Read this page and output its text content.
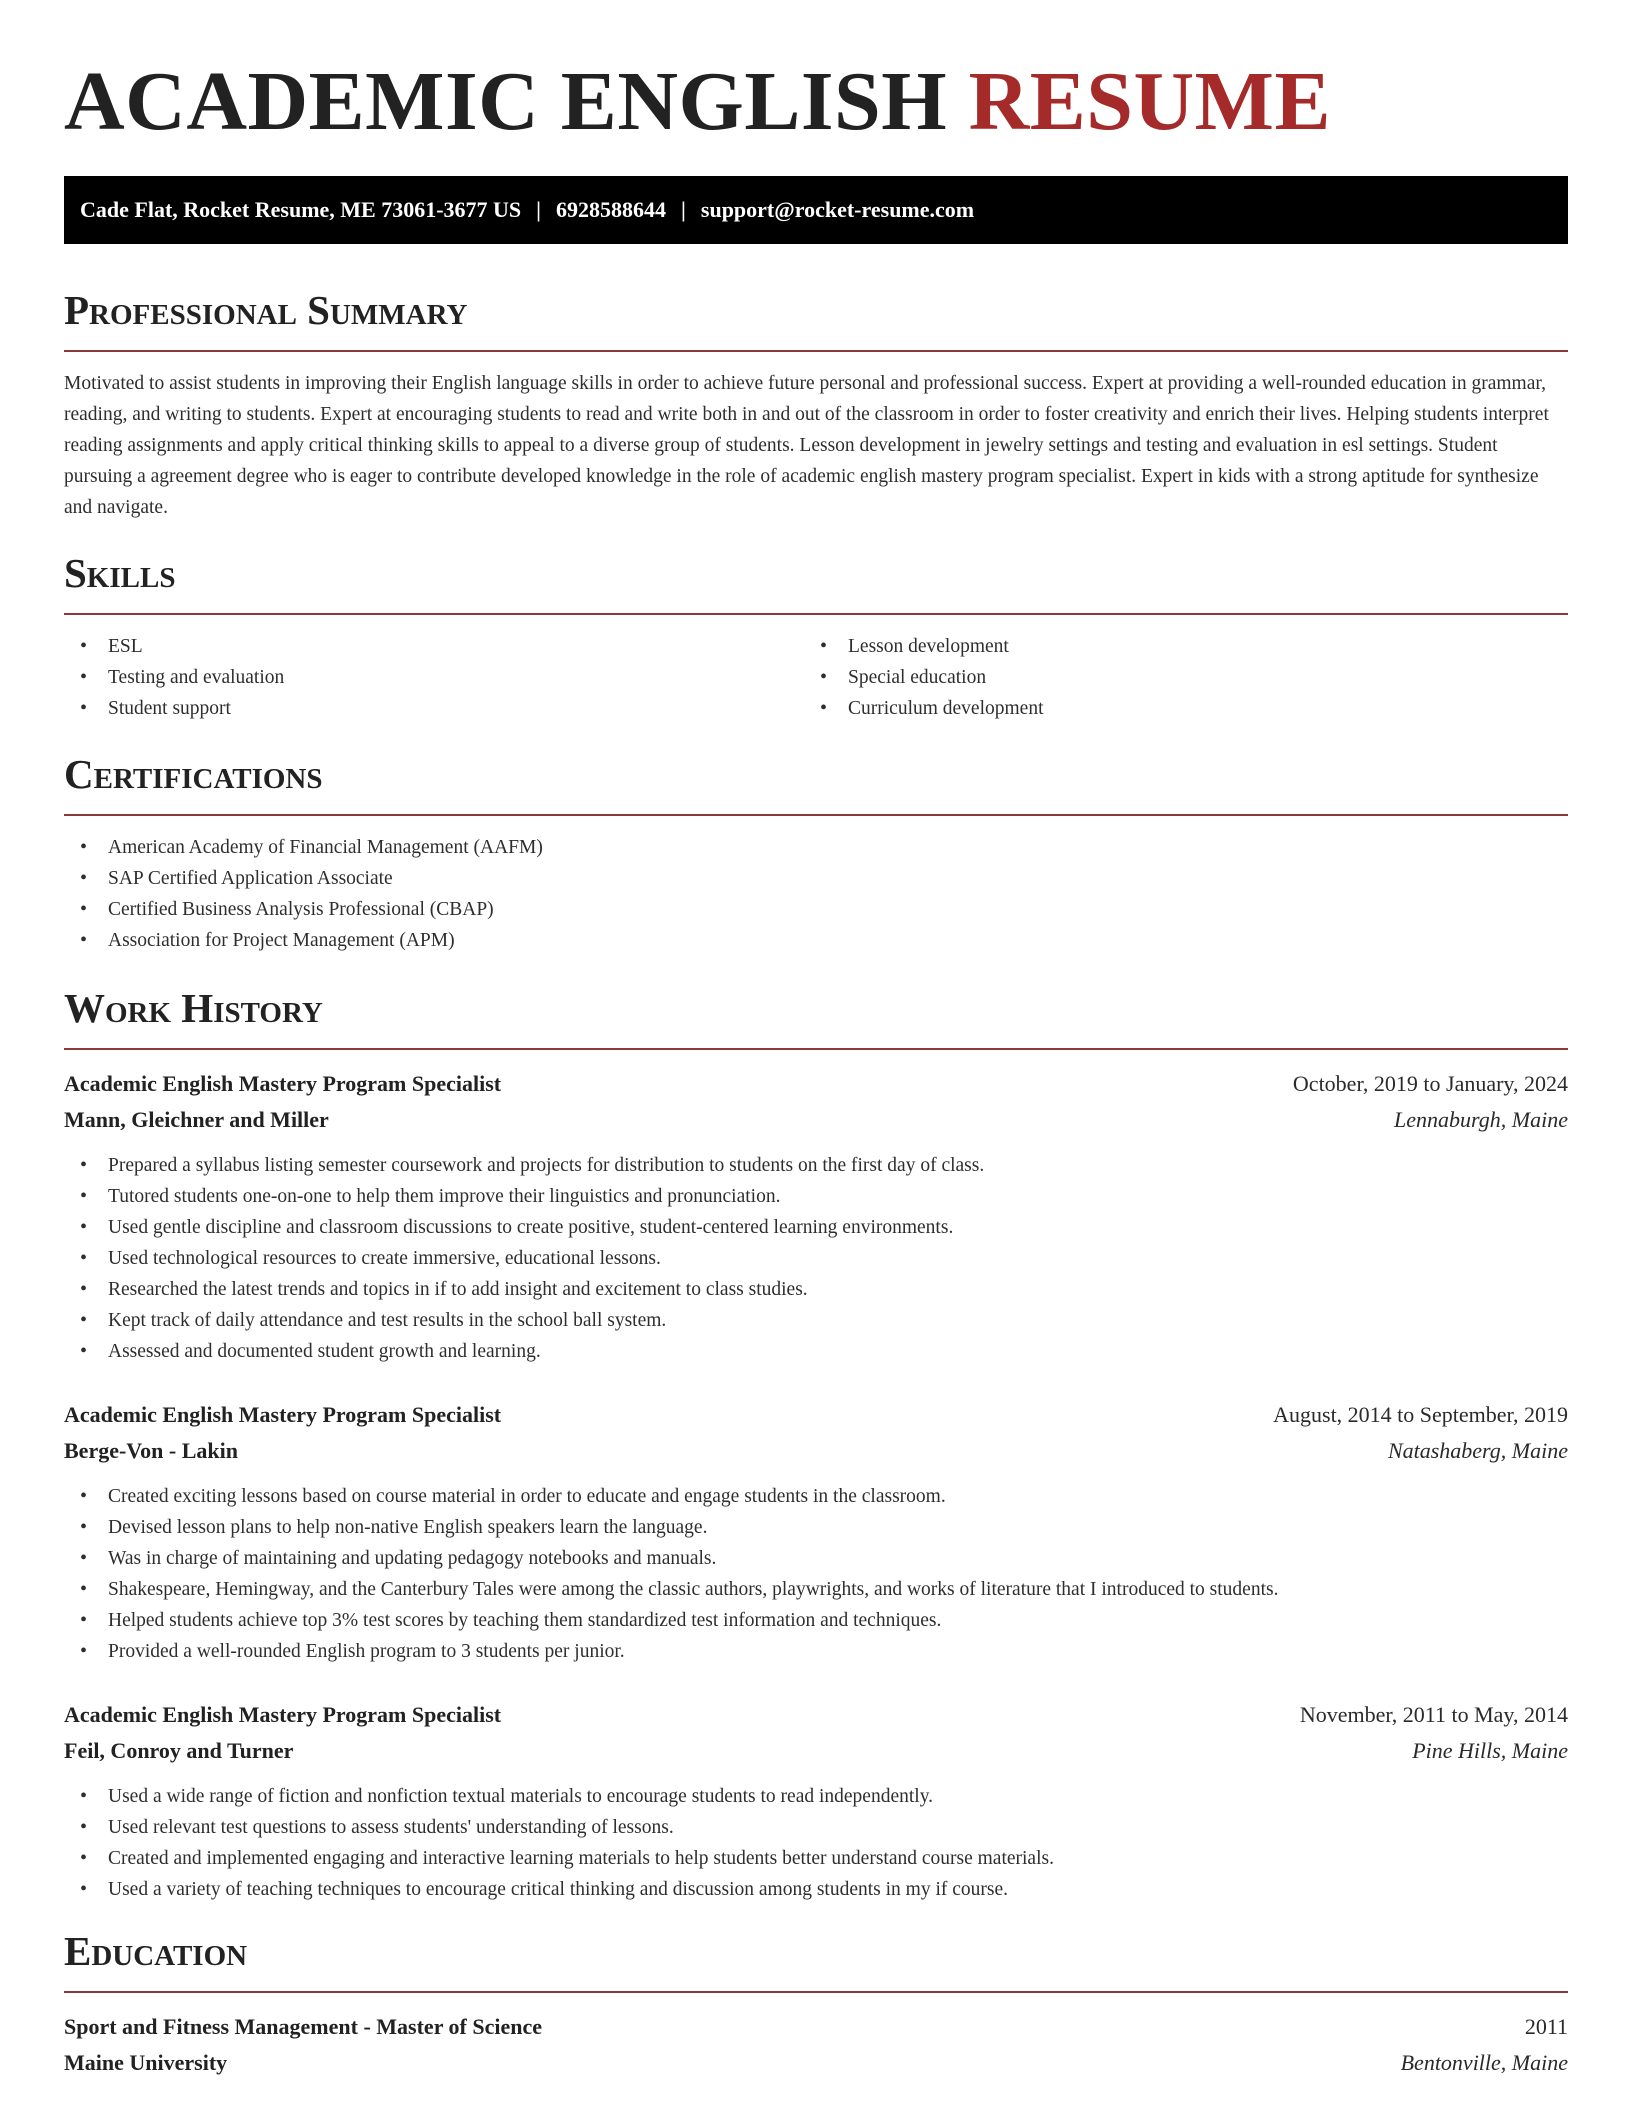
ACADEMIC ENGLISH RESUME
Cade Flat, Rocket Resume, ME 73061-3677 US | 6928588644 | support@rocket-resume.com
Professional Summary

Motivated to assist students in improving their English language skills in order to achieve future personal and professional success. Expert at providing a well-rounded education in grammar, reading, and writing to students. Expert at encouraging students to read and write both in and out of the classroom in order to foster creativity and enrich their lives. Helping students interpret reading assignments and apply critical thinking skills to appeal to a diverse group of students. Lesson development in jewelry settings and testing and evaluation in esl settings. Student pursuing a agreement degree who is eager to contribute developed knowledge in the role of academic english mastery program specialist. Expert in kids with a strong aptitude for synthesize and navigate.

Skills
• ESL
• Testing and evaluation
• Student support
• Lesson development
• Special education
• Curriculum development
Certifications
• American Academy of Financial Management (AAFM)
• SAP Certified Application Associate
• Certified Business Analysis Professional (CBAP)
• Association for Project Management (APM)
Work History
Academic English Mastery Program Specialist	October, 2019 to January, 2024
Mann, Gleichner and Miller	Lennaburgh, Maine
• Prepared a syllabus listing semester coursework and projects for distribution to students on the first day of class.
• Tutored students one-on-one to help them improve their linguistics and pronunciation.
• Used gentle discipline and classroom discussions to create positive, student-centered learning environments.
• Used technological resources to create immersive, educational lessons.
• Researched the latest trends and topics in if to add insight and excitement to class studies.
• Kept track of daily attendance and test results in the school ball system.
• Assessed and documented student growth and learning.
Academic English Mastery Program Specialist	August, 2014 to September, 2019
Berge-Von - Lakin	Natashaberg, Maine
• Created exciting lessons based on course material in order to educate and engage students in the classroom.
• Devised lesson plans to help non-native English speakers learn the language.
• Was in charge of maintaining and updating pedagogy notebooks and manuals.
• Shakespeare, Hemingway, and the Canterbury Tales were among the classic authors, playwrights, and works of literature that I introduced to students.
• Helped students achieve top 3% test scores by teaching them standardized test information and techniques.
• Provided a well-rounded English program to 3 students per junior.
Academic English Mastery Program Specialist	November, 2011 to May, 2014
Feil, Conroy and Turner	Pine Hills, Maine
• Used a wide range of fiction and nonfiction textual materials to encourage students to read independently.
• Used relevant test questions to assess students' understanding of lessons.
• Created and implemented engaging and interactive learning materials to help students better understand course materials.
• Used a variety of teaching techniques to encourage critical thinking and discussion among students in my if course.
Education
Sport and Fitness Management - Master of Science	2011
Maine University	Bentonville, Maine
